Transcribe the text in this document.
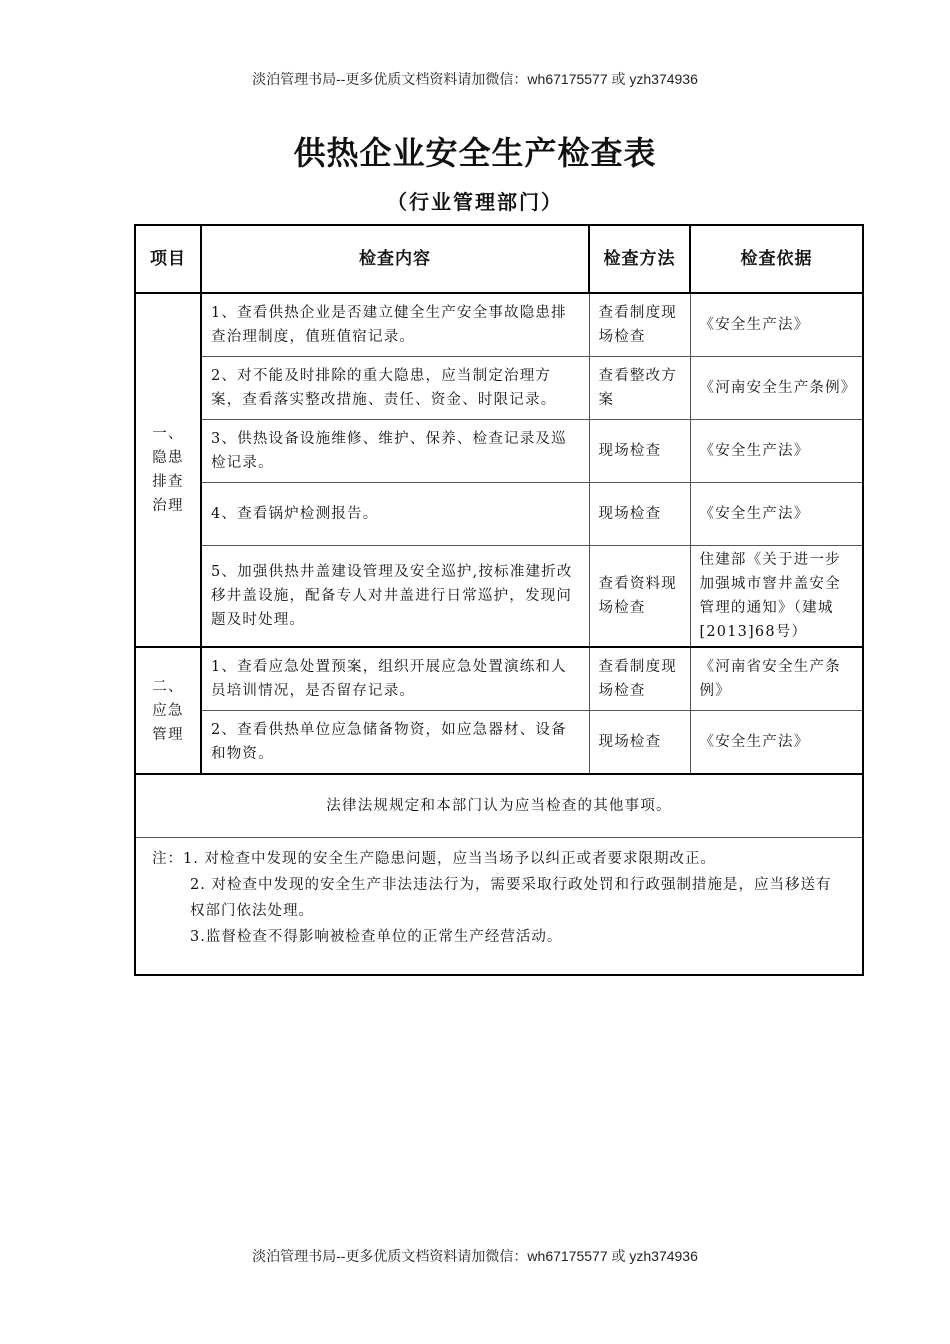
淡泊管理书局--更多优质文档资料请加微信：wh67175577 或 yzh374936
供热企业安全生产检查表
（行业管理部门）
项目	检查内容	检查方法	检查依据

一、
隐患排查治理	1、查看供热企业是否建立健全生产安全事故隐患排查治理制度，值班值宿记录。	查看制度现场检查	《安全生产法》
	2、对不能及时排除的重大隐患，应当制定治理方案，查看落实整改措施、责任、资金、时限记录。	查看整改方案	《河南安全生产条例》
	3、供热设备设施维修、维护、保养、检查记录及巡检记录。	现场检查	《安全生产法》
	4、查看锅炉检测报告。	现场检查	《安全生产法》
	5、加强供热井盖建设管理及安全巡护,按标准建折改移井盖设施，配备专人对井盖进行日常巡护，发现问题及时处理。	查看资料现场检查	住建部《关于进一步加强城市窨井盖安全管理的通知》（建城[2013]68号）

二、
应急管理	1、查看应急处置预案，组织开展应急处置演练和人员培训情况，是否留存记录。	查看制度现场检查	《河南省安全生产条例》
	2、查看供热单位应急储备物资，如应急器材、设备和物资。	现场检查	《安全生产法》
法律法规规定和本部门认为应当检查的其他事项。			

注：1. 对检查中发现的安全生产隐患问题，应当当场予以纠正或者要求限期改正。
2. 对检查中发现的安全生产非法违法行为，需要采取行政处罚和行政强制措施是，应当移送有权部门依法处理。
3.监督检查不得影响被检查单位的正常生产经营活动。			
淡泊管理书局--更多优质文档资料请加微信：wh67175577 或 yzh374936
